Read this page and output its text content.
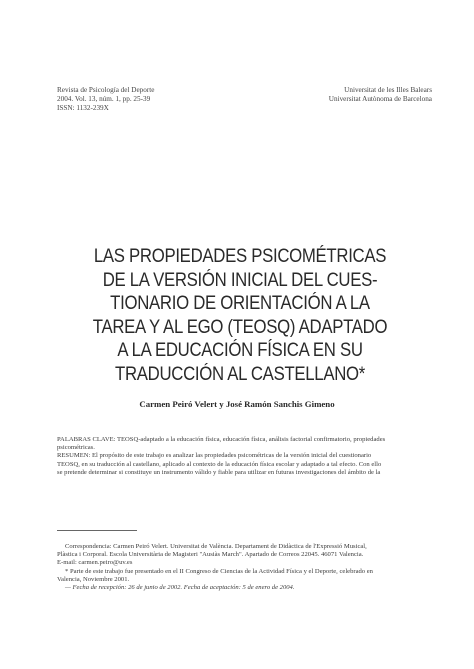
Revista de Psicología del Deporte
2004. Vol. 13, núm. 1, pp. 25-39
ISSN: 1132-239X
Universitat de les Illes Balears
Universitat Autònoma de Barcelona
LAS PROPIEDADES PSICOMÉTRICAS
DE LA VERSIÓN INICIAL DEL CUES-
TIONARIO DE ORIENTACIÓN A LA
TAREA Y AL EGO (TEOSQ) ADAPTADO
A LA EDUCACIÓN FÍSICA EN SU
TRADUCCIÓN AL CASTELLANO*
Carmen Peiró Velert y José Ramón Sanchis Gimeno
PALABRAS CLAVE: TEOSQ-adaptado a la educación física, educación física, análisis factorial confirmatorio, propiedades
psicométricas.
RESUMEN: El propósito de este trabajo es analizar las propiedades psicométricas de la versión inicial del cuestionario
TEOSQ, en su traducción al castellano, aplicado al contexto de la educación física escolar y adaptado a tal efecto. Con ello
se pretende determinar si constituye un instrumento válido y fiable para utilizar en futuras investigaciones del ámbito de la
Correspondencia: Carmen Peiró Velert. Universitat de València. Departament de Didàctica de l'Expressió Musical,
Plàstica i Corporal. Escola Universitària de Magisteri "Ausiàs March". Apartado de Correos 22045. 46071 Valencia.
E-mail: carmen.peiro@uv.es
* Parte de este trabajo fue presentado en el II Congreso de Ciencias de la Actividad Física y el Deporte, celebrado en
Valencia, Noviembre 2001.
— Fecha de recepción: 26 de junio de 2002. Fecha de aceptación: 5 de enero de 2004.
